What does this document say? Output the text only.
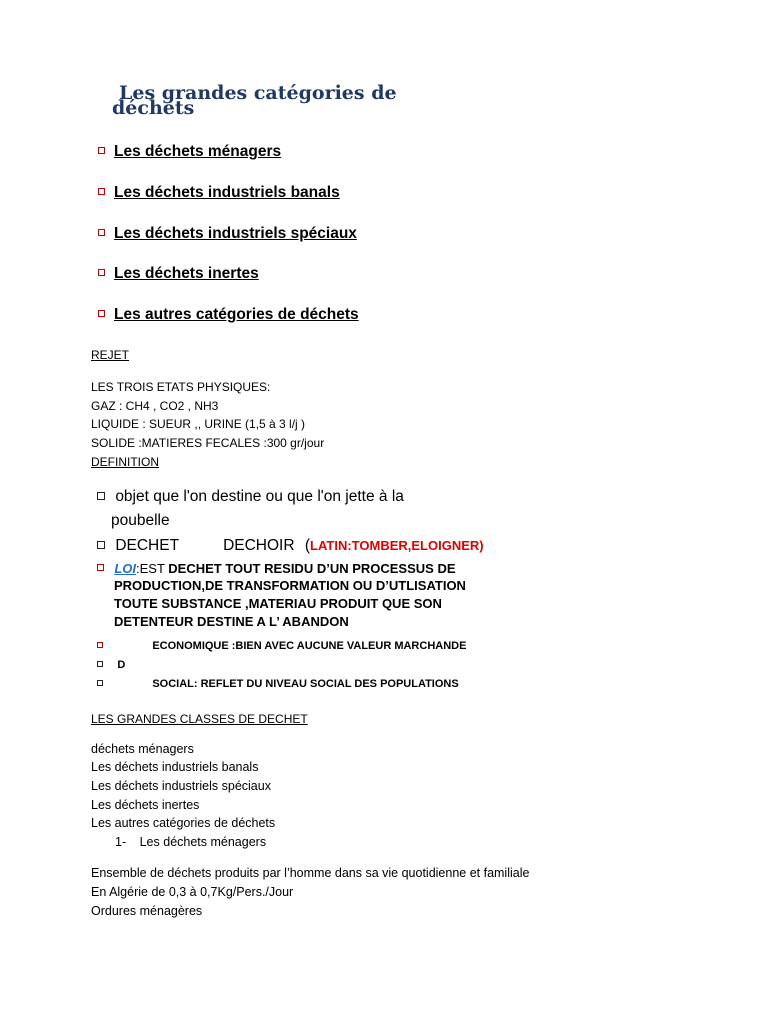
Les grandes catégories de
déchets
Les déchets ménagers
Les déchets industriels banals
Les déchets industriels spéciaux
Les déchets inertes
Les autres catégories de déchets
REJET
LES TROIS ETATS PHYSIQUES:
GAZ : CH4 , CO2 , NH3
LIQUIDE : SUEUR ,, URINE (1,5 à 3 l/j )
SOLIDE :MATIERES FECALES :300 gr/jour
DEFINITION
objet que l'on destine ou que l'on jette à la
poubelle
DECHET	DECHOIR (LATIN:TOMBER,ELOIGNER)
LOI:EST DECHET TOUT RESIDU D’UN PROCESSUS DE
PRODUCTION,DE TRANSFORMATION OU D’UTLISATION
TOUTE SUBSTANCE ,MATERIAU PRODUIT QUE SON
DETENTEUR DESTINE A L’ ABANDON
ECONOMIQUE :BIEN AVEC AUCUNE VALEUR MARCHANDE
D
SOCIAL: REFLET DU NIVEAU SOCIAL DES POPULATIONS
LES GRANDES CLASSES DE DECHET
déchets ménagers
Les déchets industriels banals
Les déchets industriels spéciaux
Les déchets inertes
Les autres catégories de déchets
1- Les déchets ménagers
Ensemble de déchets produits par l’homme dans sa vie quotidienne et familiale
En Algérie de 0,3 à 0,7Kg/Pers./Jour
Ordures ménagères
